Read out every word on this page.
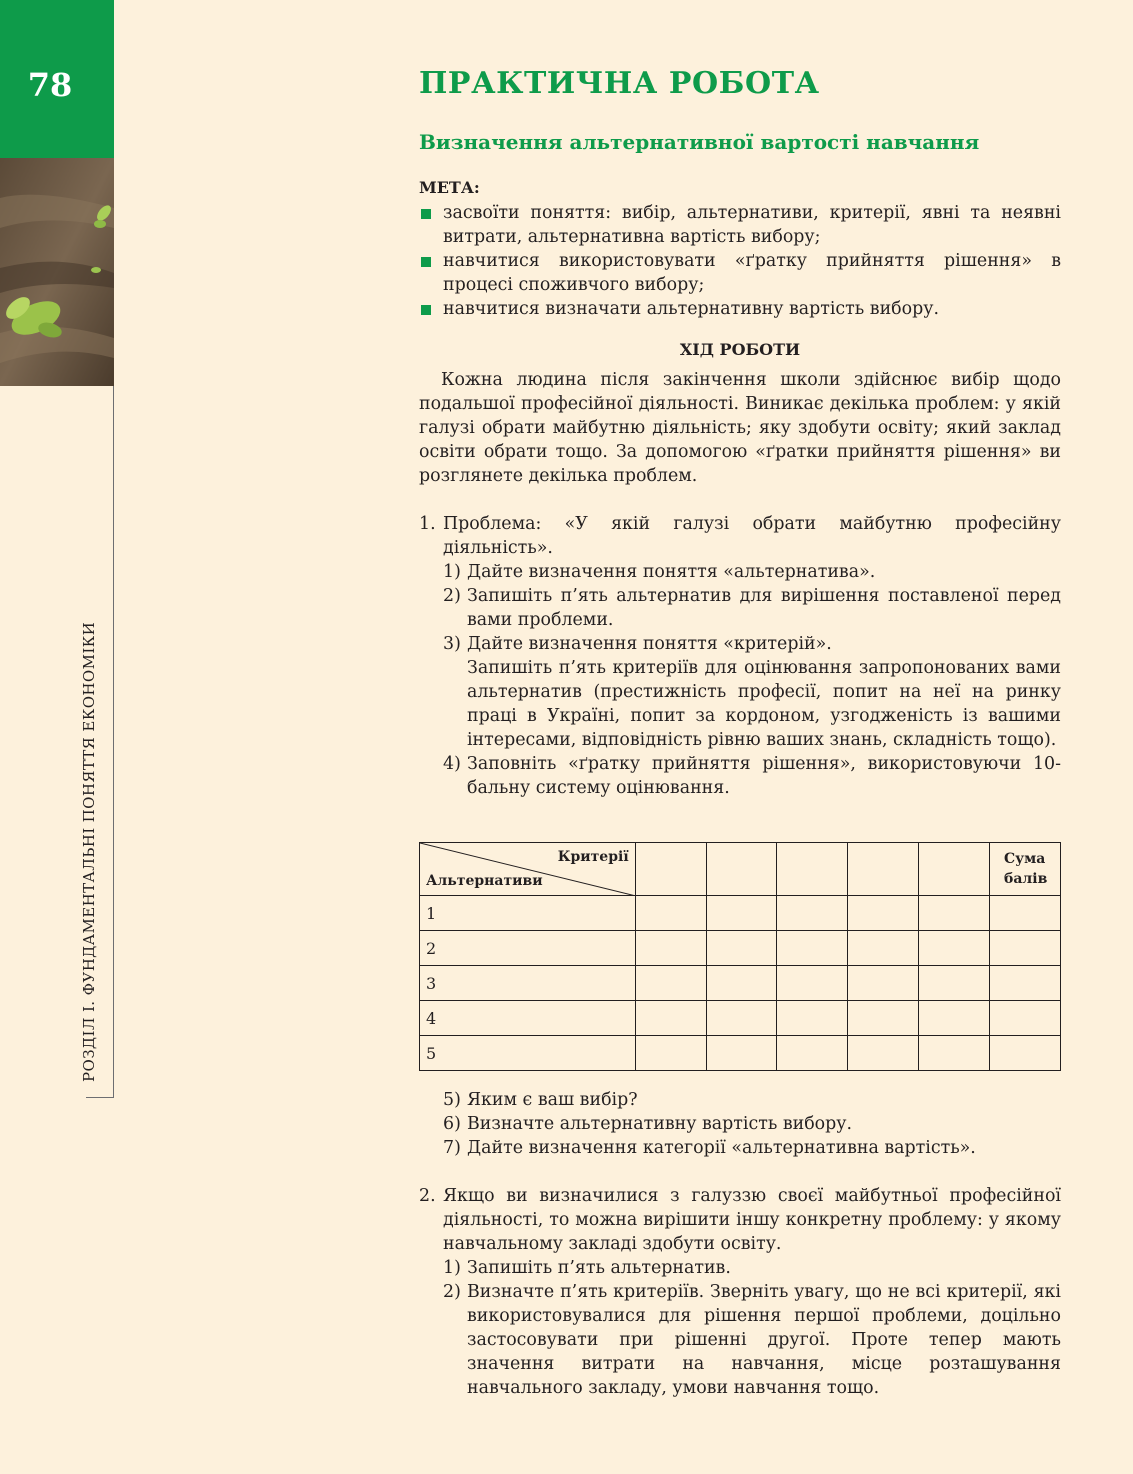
78
РОЗДІЛ І. ФУНДАМЕНТАЛЬНІ ПОНЯТТЯ ЕКОНОМІКИ
ПРАКТИЧНА РОБОТА
Визначення альтернативної вартості навчання
МЕТА:
засвоїти поняття: вибір, альтернативи, критерії, явні та неявні витрати, альтернативна вартість вибору;
навчитися використовувати «ґратку прийняття рішення» в процесі споживчого вибору;
навчитися визначати альтернативну вартість вибору.
ХІД РОБОТИ

Кожна людина після закінчення школи здійснює вибір щодо подальшої професійної діяльності. Виникає декілька проблем: у якій галузі обрати майбутню діяльність; яку здобути освіту; який заклад освіти обрати тощо. За допомогою «ґратки прийняття рішення» ви розглянете декілька проблем.

1. Проблема: «У якій галузі обрати майбутню професійну діяльність».
1) Дайте визначення поняття «альтернатива».
2) Запишіть п’ять альтернатив для вирішення поставленої перед вами проблеми.
3) Дайте визначення поняття «критерій».
Запишіть п’ять критеріїв для оцінювання запропонованих вами альтернатив (престижність професії, попит на неї на ринку праці в Україні, попит за кордоном, узгодженість із вашими інтересами, відповідність рівню ваших знань, складність тощо).
4) Заповніть «ґратку прийняття рішення», використовуючи 10-бальну систему оцінювання.
5) Яким є ваш вибір?
6) Визначте альтернативну вартість вибору.
7) Дайте визначення категорії «альтернативна вартість».
2. Якщо ви визначилися з галуззю своєї майбутньої професійної діяльності, то можна вирішити іншу конкретну проблему: у якому навчальному закладі здобути освіту.
1) Запишіть п’ять альтернатив.
2) Визначте п’ять критеріїв. Зверніть увагу, що не всі критерії, які використовувалися для рішення першої проблеми, доцільно застосовувати при рішенні другої. Проте тепер мають значення витрати на навчання, місце розташування навчального закладу, умови навчання тощо.
Критерії
Альтернативи						Сума
балів
1						
2						
3						
4						
5						
